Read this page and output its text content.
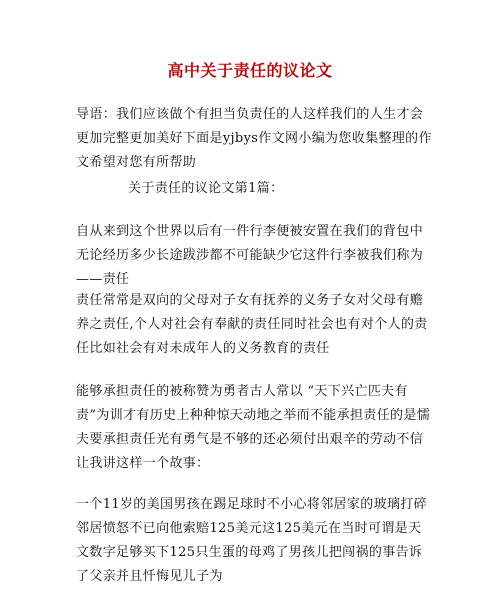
高中关于责任的议论文
导语：我们应该做个有担当负责任的人这样我们的人生才会更加完整更加美好下面是yjbys作文网小编为您收集整理的作文希望对您有所帮助
关于责任的议论文第1篇：
自从来到这个世界以后有一件行李便被安置在我们的背包中无论经历多少长途跋涉都不可能缺少它这件行李被我们称为 ——责任
责任常常是双向的父母对子女有抚养的义务子女对父母有赡养之责任,个人对社会有奉献的责任同时社会也有对个人的责任比如社会有对未成年人的义务教育的责任
能够承担责任的被称赞为勇者古人常以 “天下兴亡匹夫有责”为训才有历史上种种惊天动地之举而不能承担责任的是懦夫要承担责任光有勇气是不够的还必须付出艰辛的劳动不信让我讲这样一个故事：
一个11岁的美国男孩在踢足球时不小心将邻居家的玻璃打碎邻居愤怒不已向他索赔125美元这125美元在当时可谓是天文数字足够买下125只生蛋的母鸡了男孩儿把闯祸的事告诉了父亲并且忏悔见儿子为
